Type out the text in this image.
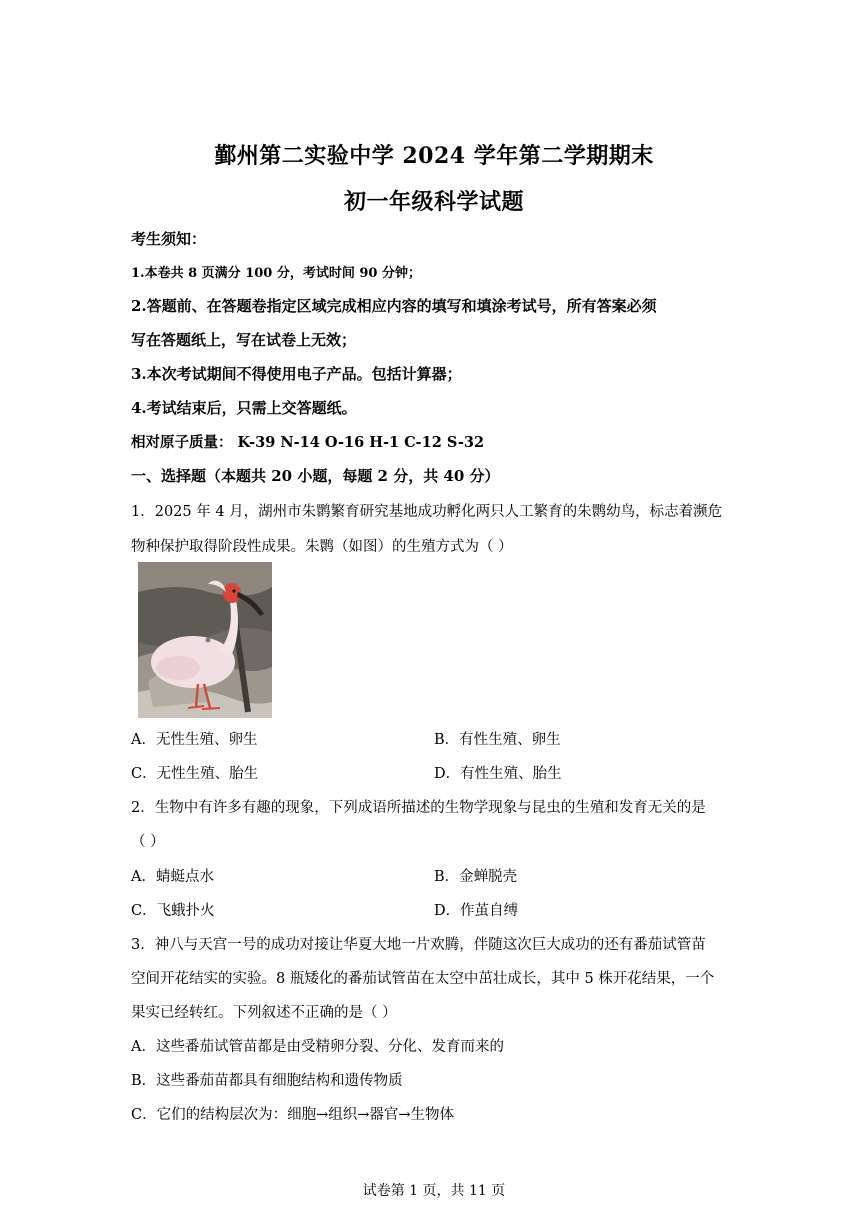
鄞州第二实验中学 2024 学年第二学期期末
初一年级科学试题
考生须知：
1.本卷共 8 页满分 100 分，考试时间 90 分钟；
2.答题前、在答题卷指定区域完成相应内容的填写和填涂考试号，所有答案必须
写在答题纸上，写在试卷上无效；
3.本次考试期间不得使用电子产品。包括计算器；
4.考试结束后，只需上交答题纸。
相对原子质量： K-39 N-14 O-16 H-1 C-12 S-32
一、选择题（本题共 20 小题，每题 2 分，共 40 分）
1．2025 年 4 月，湖州市朱鹮繁育研究基地成功孵化两只人工繁育的朱鹮幼鸟，标志着濒危
物种保护取得阶段性成果。朱鹮（如图）的生殖方式为（ ）
A．无性生殖、卵生	B．有性生殖、卵生
C．无性生殖、胎生	D．有性生殖、胎生
2．生物中有许多有趣的现象，下列成语所描述的生物学现象与昆虫的生殖和发育无关的是
（ ）
A．蜻蜓点水	B．金蝉脱壳
C．飞蛾扑火	D．作茧自缚
3．神八与天宫一号的成功对接让华夏大地一片欢腾，伴随这次巨大成功的还有番茄试管苗
空间开花结实的实验。8 瓶矮化的番茄试管苗在太空中茁壮成长，其中 5 株开花结果，一个
果实已经转红。下列叙述不正确的是（ ）
A．这些番茄试管苗都是由受精卵分裂、分化、发育而来的
B．这些番茄苗都具有细胞结构和遗传物质
C．它们的结构层次为：细胞→组织→器官→生物体
试卷第 1 页，共 11 页
